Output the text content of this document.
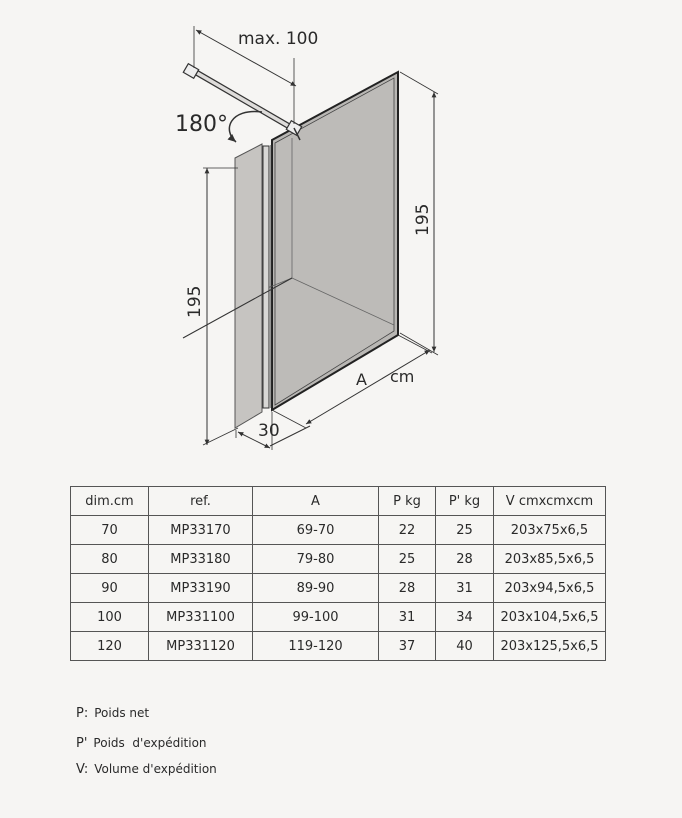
max. 100
180°
195
195
A cm
30
dim.cm	ref.	A	P kg	P' kg	V cmxcmxcm
70	MP33170	69-70	22	25	203x75x6,5
80	MP33180	79-80	25	28	203x85,5x6,5
90	MP33190	89-90	28	31	203x94,5x6,5
100	MP331100	99-100	31	34	203x104,5x6,5
120	MP331120	119-120	37	40	203x125,5x6,5
P: Poids net
P' Poids  d'expédition
V: Volume d'expédition
